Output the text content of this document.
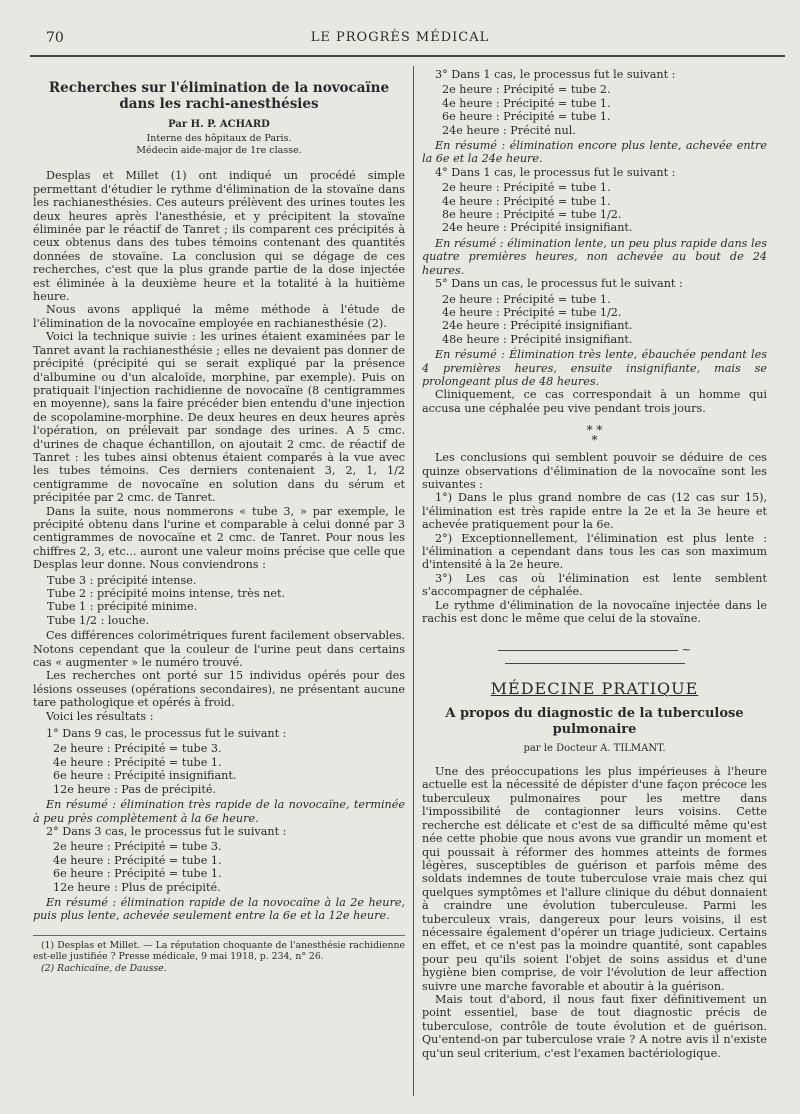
70	LE PROGRÈS MÉDICAL
Recherches sur l'élimination de la novocaïne dans les rachi-anesthésies
Par H. P. ACHARD
Interne des hôpitaux de Paris.
Médecin aide-major de 1re classe.

Desplas et Millet (1) ont indiqué un procédé simple permettant d'étudier le rythme d'élimination de la stovaïne dans les rachianesthésies. Ces auteurs prélèvent des urines toutes les deux heures après l'anesthésie, et y précipitent la stovaïne éliminée par le réactif de Tanret ; ils comparent ces précipités à ceux obtenus dans des tubes témoins contenant des quantités données de stovaïne. La conclusion qui se dégage de ces recherches, c'est que la plus grande partie de la dose injectée est éliminée à la deuxième heure et la totalité à la huitième heure.

Nous avons appliqué la même méthode à l'étude de l'élimination de la novocaïne employée en rachianesthésie (2).

Voici la technique suivie : les urines étaient examinées par le Tanret avant la rachianesthésie ; elles ne devaient pas donner de précipité (précipité qui se serait expliqué par la présence d'albumine ou d'un alcaloïde, morphine, par exemple). Puis on pratiquait l'injection rachidienne de novocaïne (8 centigrammes en moyenne), sans la faire précéder bien entendu d'une injection de scopolamine-morphine. De deux heures en deux heures après l'opération, on prélevait par sondage des urines. A 5 cmc. d'urines de chaque échantillon, on ajoutait 2 cmc. de réactif de Tanret : les tubes ainsi obtenus étaient comparés à la vue avec les tubes témoins. Ces derniers contenaient 3, 2, 1, 1/2 centigramme de novocaïne en solution dans du sérum et précipitée par 2 cmc. de Tanret.

Dans la suite, nous nommerons « tube 3, » par exemple, le précipité obtenu dans l'urine et comparable à celui donné par 3 centigrammes de novocaïne et 2 cmc. de Tanret. Pour nous les chiffres 2, 3, etc... auront une valeur moins précise que celle que Desplas leur donne. Nous conviendrons :

Tube 3 : précipité intense.
Tube 2 : précipité moins intense, très net.
Tube 1 : précipité minime.
Tube 1/2 : louche.

Ces différences colorimétriques furent facilement observables. Notons cependant que la couleur de l'urine peut dans certains cas « augmenter » le numéro trouvé.

Les recherches ont porté sur 15 individus opérés pour des lésions osseuses (opérations secondaires), ne présentant aucune tare pathologique et opérés à froid.

Voici les résultats :

1° Dans 9 cas, le processus fut le suivant :

2e heure : Précipité = tube 3.
4e heure : Précipité = tube 1.
6e heure : Précipité insignifiant.
12e heure : Pas de précipité.

En résumé : élimination très rapide de la novocaïne, terminée à peu près complètement à la 6e heure.

2° Dans 3 cas, le processus fut le suivant :

2e heure : Précipité = tube 3.
4e heure : Précipité = tube 1.
6e heure : Précipité = tube 1.
12e heure : Plus de précipité.

En résumé : élimination rapide de la novocaïne à la 2e heure, puis plus lente, achevée seulement entre la 6e et la 12e heure.

(1) Desplas et Millet. — La réputation choquante de l'anesthésie rachidienne est-elle justifiée ? Presse médicale, 9 mai 1918, p. 234, n° 26.

(2) Rachicaïne, de Dausse.

3° Dans 1 cas, le processus fut le suivant :

2e heure : Précipité = tube 2.
4e heure : Précipité = tube 1.
6e heure : Précipité = tube 1.
24e heure : Précité nul.

En résumé : élimination encore plus lente, achevée entre la 6e et la 24e heure.

4° Dans 1 cas, le processus fut le suivant :

2e heure : Précipité = tube 1.
4e heure : Précipité = tube 1.
8e heure : Précipité = tube 1/2.
24e heure : Précipité insignifiant.

En résumé : élimination lente, un peu plus rapide dans les quatre premières heures, non achevée au bout de 24 heures.

5° Dans un cas, le processus fut le suivant :

2e heure : Précipité = tube 1.
4e heure : Précipité = tube 1/2.
24e heure : Précipité insignifiant.
48e heure : Précipité insignifiant.

En résumé : Élimination très lente, ébauchée pendant les 4 premières heures, ensuite insignifiante, mais se prolongeant plus de 48 heures.

Cliniquement, ce cas correspondait à un homme qui accusa une céphalée peu vive pendant trois jours.

* *
*

Les conclusions qui semblent pouvoir se déduire de ces quinze observations d'élimination de la novocaïne sont les suivantes :

1°) Dans le plus grand nombre de cas (12 cas sur 15), l'élimination est très rapide entre la 2e et la 3e heure et achevée pratiquement pour la 6e.

2°) Exceptionnellement, l'élimination est plus lente : l'élimination a cependant dans tous les cas son maximum d'intensité à la 2e heure.

3°) Les cas où l'élimination est lente semblent s'accompagner de céphalée.

Le rythme d'élimination de la novocaïne injectée dans le rachis est donc le même que celui de la stovaïne.

~
MÉDECINE PRATIQUE
A propos du diagnostic de la tuberculose pulmonaire
par le Docteur A. TILMANT.

Une des préoccupations les plus impérieuses à l'heure actuelle est la nécessité de dépister d'une façon précoce les tuberculeux pulmonaires pour les mettre dans l'impossibilité de contagionner leurs voisins. Cette recherche est délicate et c'est de sa difficulté même qu'est née cette phobie que nous avons vue grandir un moment et qui poussait à réformer des hommes atteints de formes légères, susceptibles de guérison et parfois même des soldats indemnes de toute tuberculose vraie mais chez qui quelques symptômes et l'allure clinique du début donnaient à craindre une évolution tuberculeuse. Parmi les tuberculeux vrais, dangereux pour leurs voisins, il est nécessaire également d'opérer un triage judicieux. Certains en effet, et ce n'est pas la moindre quantité, sont capables pour peu qu'ils soient l'objet de soins assidus et d'une hygiène bien comprise, de voir l'évolution de leur affection suivre une marche favorable et aboutir à la guérison.

Mais tout d'abord, il nous faut fixer définitivement un point essentiel, base de tout diagnostic précis de tuberculose, contrôle de toute évolution et de guérison. Qu'entend-on par tuberculose vraie ? A notre avis il n'existe qu'un seul criterium, c'est l'examen bactériologique.
